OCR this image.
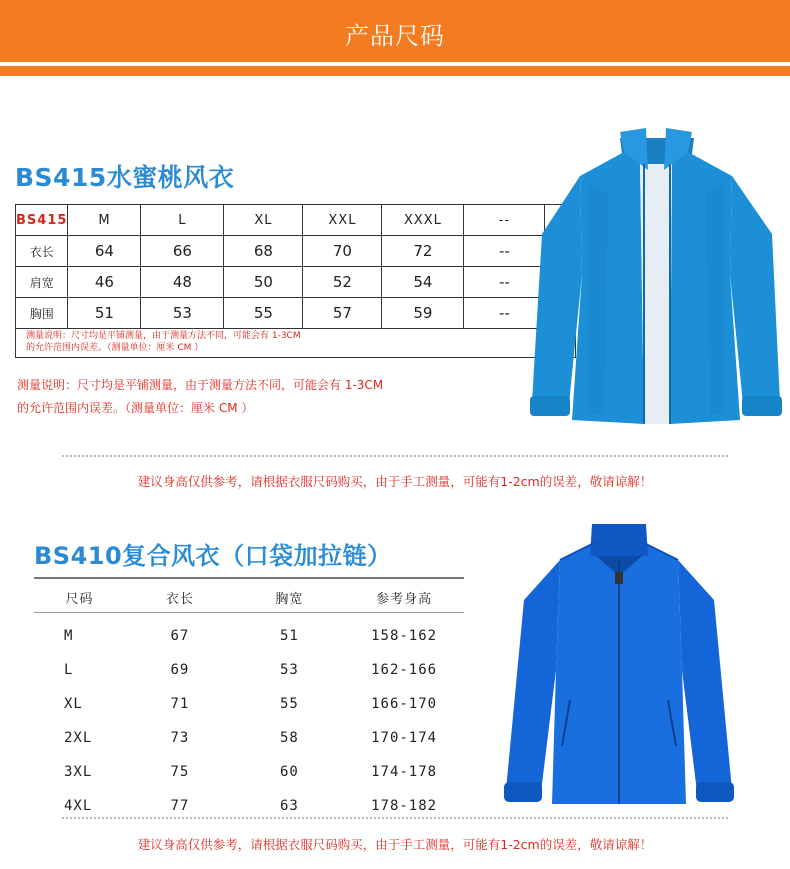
产品尺码
BS415水蜜桃风衣
BS415	M	L	XL	XXL	XXXL	--	
衣长	64	66	68	70	72	--	
肩宽	46	48	50	52	54	--	
胸围	51	53	55	57	59	--	

测量说明：尺寸均是平铺测量，由于测量方法不同，可能会有 1-3CM
的允许范围内误差。（测量单位：厘米 CM ）							
测量说明：尺寸均是平铺测量，由于测量方法不同，可能会有 1-3CM
的允许范围内误差。（测量单位：厘米 CM ）
建议身高仅供参考，请根据衣服尺码购买，由于手工测量，可能有1-2cm的误差，敬请谅解！
BS410复合风衣（口袋加拉链）
尺码	衣长	胸宽	参考身高

M	67	51	158-162
L	69	53	162-166
XL	71	55	166-170
2XL	73	58	170-174
3XL	75	60	174-178
4XL	77	63	178-182
建议身高仅供参考，请根据衣服尺码购买，由于手工测量，可能有1-2cm的误差，敬请谅解！
